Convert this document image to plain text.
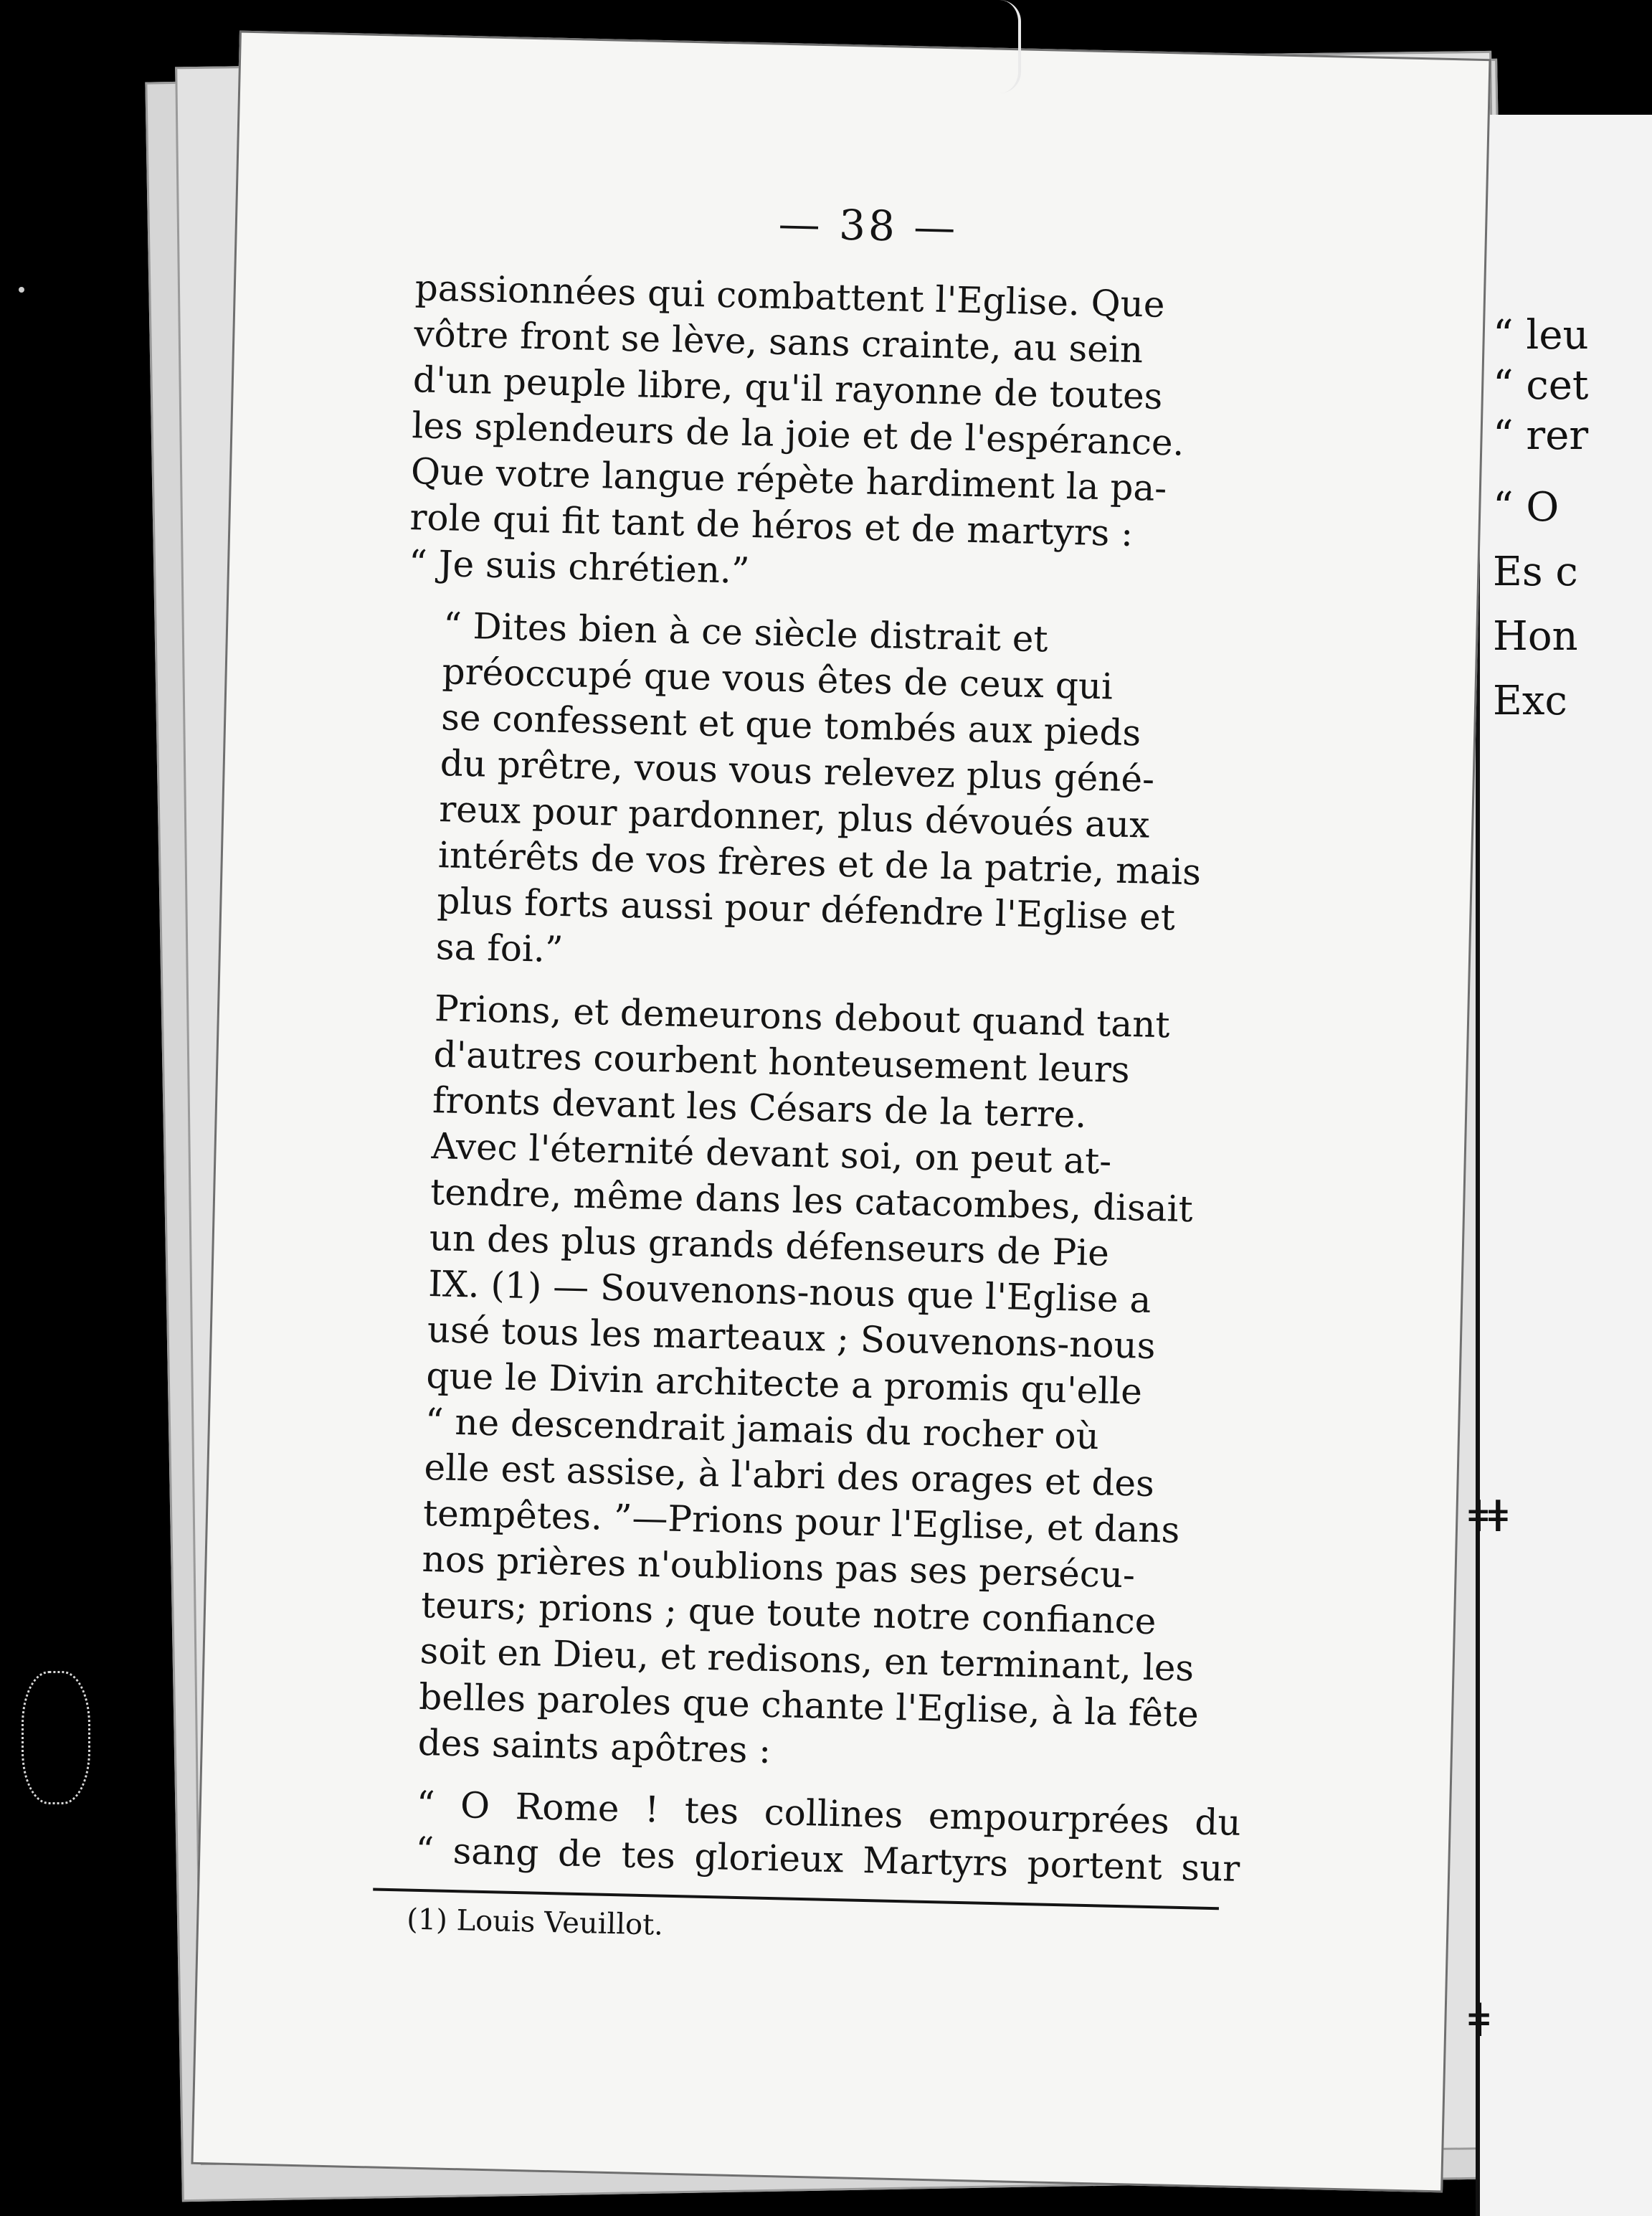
“ leu
“ cet
“ rer
“ O
Es c
Hon
Exc
ǂǂ
ǂ
— 38 —
passionnées qui combattent l'Eglise. Que
vôtre front se lève, sans crainte, au sein
d'un peuple libre, qu'il rayonne de toutes
les splendeurs de la joie et de l'espérance.
Que votre langue répète hardiment la pa-
role qui fit tant de héros et de martyrs :
“ Je suis chrétien.”
“ Dites bien à ce siècle distrait et
préoccupé que vous êtes de ceux qui
se confessent et que tombés aux pieds
du prêtre, vous vous relevez plus géné-
reux pour pardonner, plus dévoués aux
intérêts de vos frères et de la patrie, mais
plus forts aussi pour défendre l'Eglise et
sa foi.”
Prions, et demeurons debout quand tant
d'autres courbent honteusement leurs
fronts devant les Césars de la terre.
Avec l'éternité devant soi, on peut at-
tendre, même dans les catacombes, disait
un des plus grands défenseurs de Pie
IX. (1) — Souvenons-nous que l'Eglise a
usé tous les marteaux ; Souvenons-nous
que le Divin architecte a promis qu'elle
“ ne descendrait jamais du rocher où
elle est assise, à l'abri des orages et des
tempêtes. ”—Prions pour l'Eglise, et dans
nos prières n'oublions pas ses persécu-
teurs; prions ; que toute notre confiance
soit en Dieu, et redisons, en terminant, les
belles paroles que chante l'Eglise, à la fête
des saints apôtres :
“ O Rome ! tes collines empourprées du
“ sang de tes glorieux Martyrs portent sur
(1) Louis Veuillot.
